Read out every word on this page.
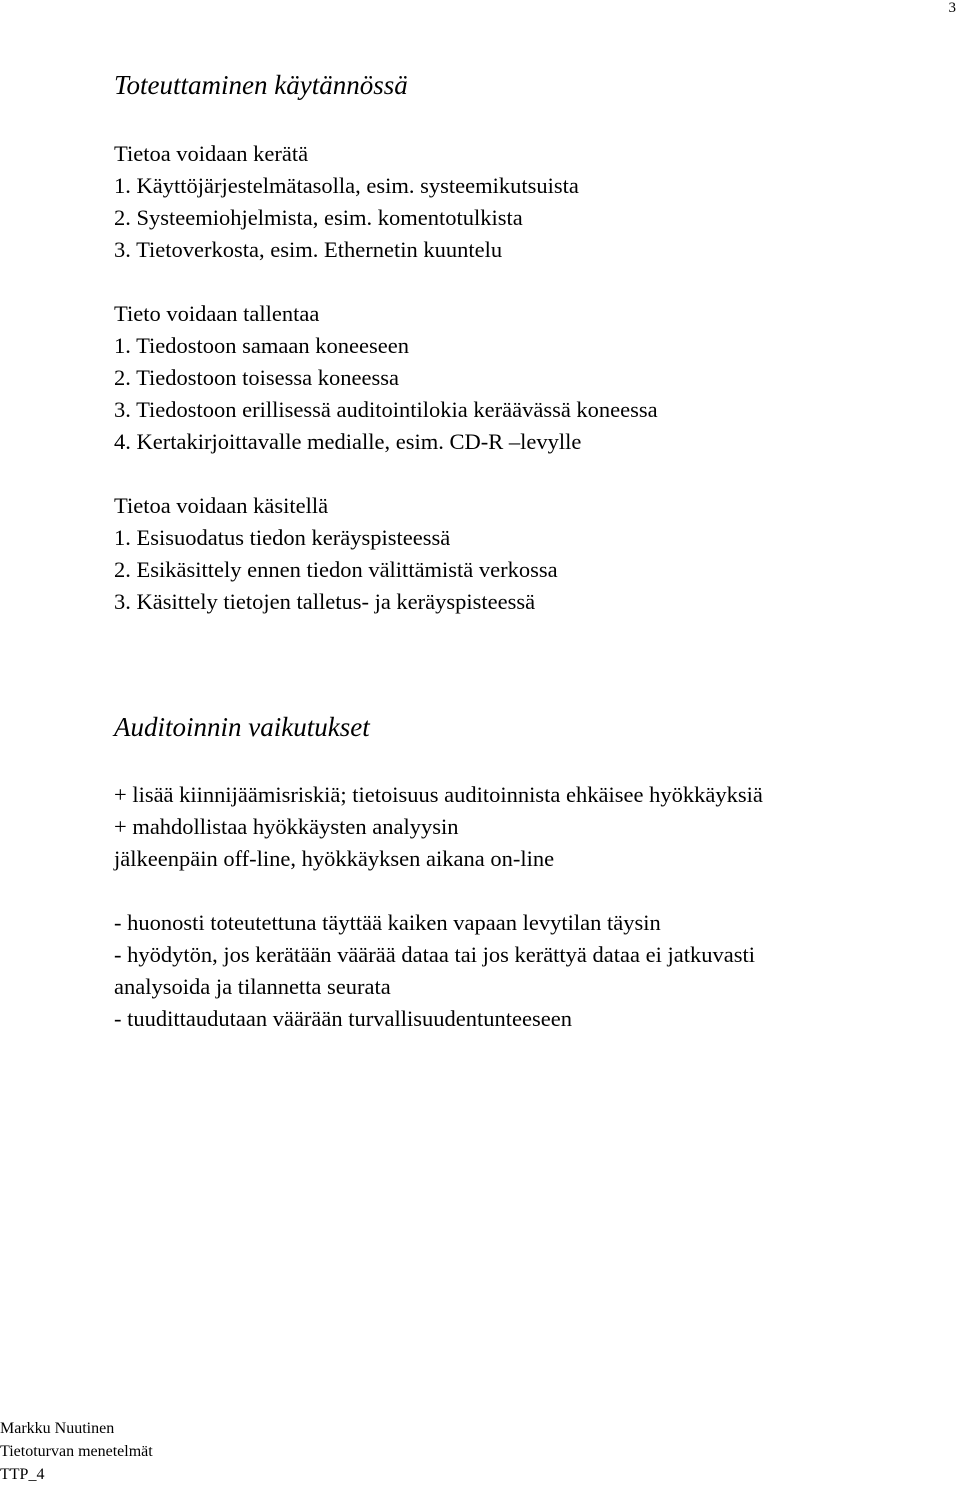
3
Toteuttaminen käytännössä
Tietoa voidaan kerätä
1. Käyttöjärjestelmätasolla, esim. systeemikutsuista
2. Systeemiohjelmista, esim. komentotulkista
3. Tietoverkosta, esim. Ethernetin kuuntelu
Tieto voidaan tallentaa
1. Tiedostoon samaan koneeseen
2. Tiedostoon toisessa koneessa
3. Tiedostoon erillisessä auditointilokia keräävässä koneessa
4. Kertakirjoittavalle medialle, esim. CD-R –levylle
Tietoa voidaan käsitellä
1. Esisuodatus tiedon keräyspisteessä
2. Esikäsittely ennen tiedon välittämistä verkossa
3. Käsittely tietojen talletus- ja keräyspisteessä
Auditoinnin vaikutukset
+ lisää kiinnijäämisriskiä; tietoisuus auditoinnista ehkäisee hyökkäyksiä
+ mahdollistaa hyökkäysten analyysin
jälkeenpäin off-line, hyökkäyksen aikana on-line
- huonosti toteutettuna täyttää kaiken vapaan levytilan täysin
- hyödytön, jos kerätään väärää dataa tai jos kerättyä dataa ei jatkuvasti
analysoida ja tilannetta seurata
- tuudittaudutaan väärään turvallisuudentunteeseen
Markku Nuutinen
Tietoturvan menetelmät
TTP_4
